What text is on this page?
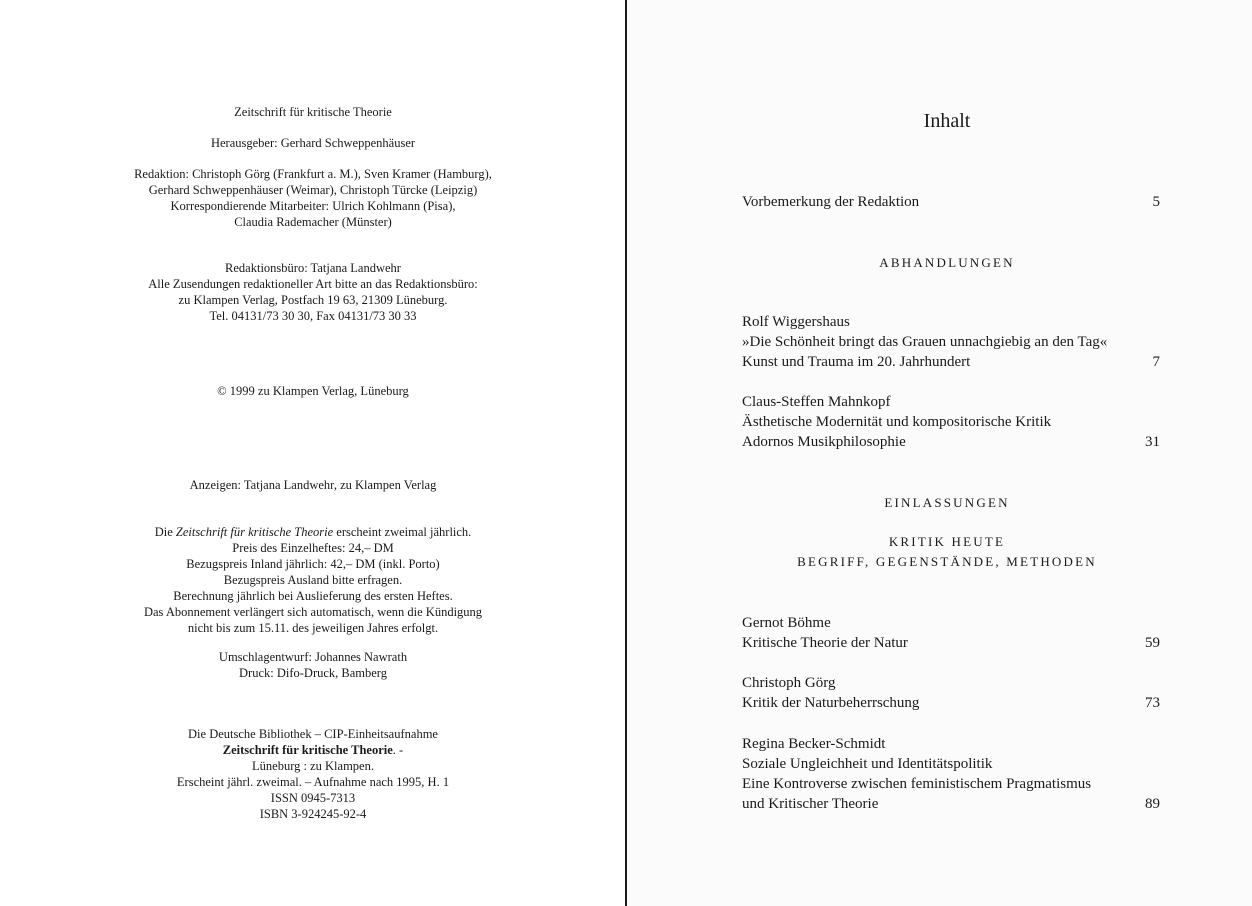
Zeitschrift für kritische Theorie
Herausgeber: Gerhard Schweppenhäuser
Redaktion: Christoph Görg (Frankfurt a. M.), Sven Kramer (Hamburg),
Gerhard Schweppenhäuser (Weimar), Christoph Türcke (Leipzig)
Korrespondierende Mitarbeiter: Ulrich Kohlmann (Pisa),
Claudia Rademacher (Münster)
Redaktionsbüro: Tatjana Landwehr
Alle Zusendungen redaktioneller Art bitte an das Redaktionsbüro:
zu Klampen Verlag, Postfach 19 63, 21309 Lüneburg.
Tel. 04131/73 30 30, Fax 04131/73 30 33
© 1999 zu Klampen Verlag, Lüneburg
Anzeigen: Tatjana Landwehr, zu Klampen Verlag
Die Zeitschrift für kritische Theorie erscheint zweimal jährlich.
Preis des Einzelheftes: 24,– DM
Bezugspreis Inland jährlich: 42,– DM (inkl. Porto)
Bezugspreis Ausland bitte erfragen.
Berechnung jährlich bei Auslieferung des ersten Heftes.
Das Abonnement verlängert sich automatisch, wenn die Kündigung
nicht bis zum 15.11. des jeweiligen Jahres erfolgt.
Umschlagentwurf: Johannes Nawrath
Druck: Difo-Druck, Bamberg
Die Deutsche Bibliothek – CIP-Einheitsaufnahme
Zeitschrift für kritische Theorie. -
Lüneburg : zu Klampen.
Erscheint jährl. zweimal. – Aufnahme nach 1995, H. 1
ISSN 0945-7313
ISBN 3-924245-92-4
Inhalt
Vorbemerkung der Redaktion	5
ABHANDLUNGEN
Rolf Wiggershaus
»Die Schönheit bringt das Grauen unnachgiebig an den Tag«
Kunst und Trauma im 20. Jahrhundert	7
Claus-Steffen Mahnkopf
Ästhetische Modernität und kompositorische Kritik
Adornos Musikphilosophie	31
EINLASSUNGEN
KRITIK HEUTE
BEGRIFF, GEGENSTÄNDE, METHODEN
Gernot Böhme
Kritische Theorie der Natur	59
Christoph Görg
Kritik der Naturbeherrschung	73
Regina Becker-Schmidt
Soziale Ungleichheit und Identitätspolitik
Eine Kontroverse zwischen feministischem Pragmatismus
und Kritischer Theorie	89
